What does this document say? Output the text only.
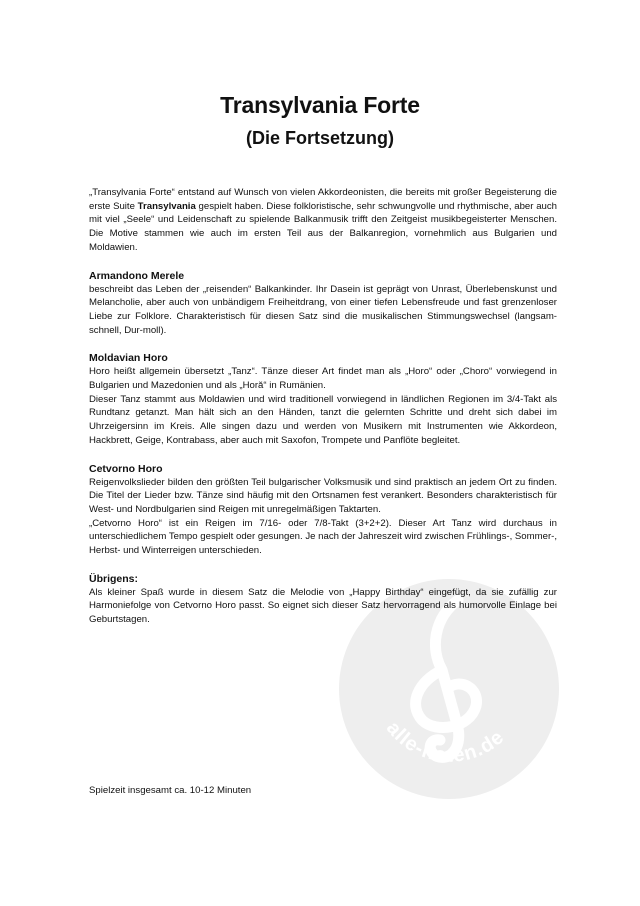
alle-noten.de
Transylvania Forte
(Die Fortsetzung)

„Transylvania Forte“ entstand auf Wunsch von vielen Akkordeonisten, die bereits mit großer Begeisterung die erste Suite Transylvania gespielt haben. Diese folkloristische, sehr schwungvolle und rhythmische, aber auch mit viel „Seele“ und Leidenschaft zu spielende Balkanmusik trifft den Zeitgeist musikbegeisterter Menschen. Die Motive stammen wie auch im ersten Teil aus der Balkanregion, vornehmlich aus Bulgarien und Moldawien.

Armandono Merele

beschreibt das Leben der „reisenden“ Balkankinder. Ihr Dasein ist geprägt von Unrast, Überlebenskunst und Melancholie, aber auch von unbändigem Freiheitdrang, von einer tiefen Lebensfreude und fast grenzenloser Liebe zur Folklore. Charakteristisch für diesen Satz sind die musikalischen Stimmungswechsel (langsam-schnell, Dur-moll).

Moldavian Horo

Horo heißt allgemein übersetzt „Tanz“. Tänze dieser Art findet man als „Horo“ oder „Choro“ vorwiegend in Bulgarien und Mazedonien und als „Horă“ in Rumänien.

Dieser Tanz stammt aus Moldawien und wird traditionell vorwiegend in ländlichen Regionen im 3/4-Takt als Rundtanz getanzt. Man hält sich an den Händen, tanzt die gelernten Schritte und dreht sich dabei im Uhrzeigersinn im Kreis. Alle singen dazu und werden von Musikern mit Instrumenten wie Akkordeon, Hackbrett, Geige, Kontrabass, aber auch mit Saxofon, Trompete und Panflöte begleitet.

Cetvorno Horo

Reigenvolkslieder bilden den größten Teil bulgarischer Volksmusik und sind praktisch an jedem Ort zu finden. Die Titel der Lieder bzw. Tänze sind häufig mit den Ortsnamen fest verankert. Besonders charakteristisch für West- und Nordbulgarien sind Reigen mit unregelmäßigen Taktarten.

„Cetvorno Horo“ ist ein Reigen im 7/16- oder 7/8-Takt (3+2+2). Dieser Art Tanz wird durchaus in unterschiedlichem Tempo gespielt oder gesungen. Je nach der Jahreszeit wird zwischen Frühlings-, Sommer-, Herbst- und Winterreigen unterschieden.

Übrigens:

Als kleiner Spaß wurde in diesem Satz die Melodie von „Happy Birthday“ eingefügt, da sie zufällig zur Harmoniefolge von Cetvorno Horo passt. So eignet sich dieser Satz hervorragend als humorvolle Einlage bei Geburtstagen.

Spielzeit insgesamt ca. 10-12 Minuten
